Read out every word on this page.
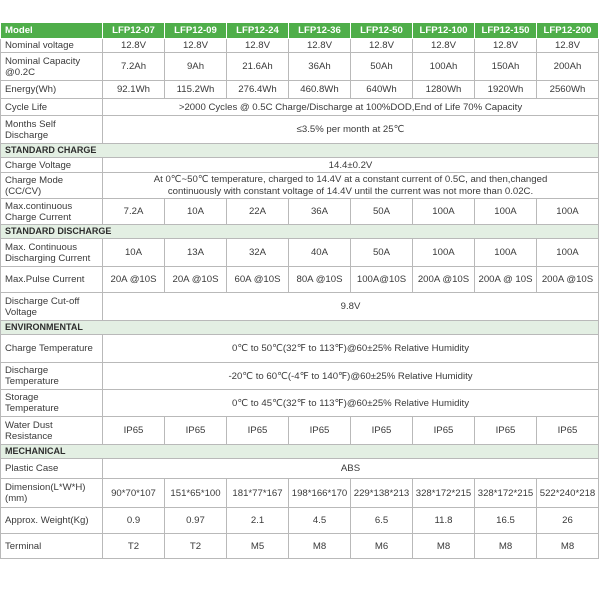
Model	LFP12-07	LFP12-09	LFP12-24	LFP12-36	LFP12-50	LFP12-100	LFP12-150	LFP12-200
Nominal voltage	12.8V	12.8V	12.8V	12.8V	12.8V	12.8V	12.8V	12.8V
Nominal Capacity
@0.2C	7.2Ah	9Ah	21.6Ah	36Ah	50Ah	100Ah	150Ah	200Ah
Energy(Wh)	92.1Wh	115.2Wh	276.4Wh	460.8Wh	640Wh	1280Wh	1920Wh	2560Wh
Cycle Life	>2000 Cycles @ 0.5C Charge/Discharge at 100%DOD,End of Life 70% Capacity							
Months Self
Discharge	≤3.5% per month at 25℃							
STANDARD CHARGE								
Charge Voltage	14.4±0.2V							
Charge Mode
(CC/CV)	At 0℃~50℃ temperature, charged to 14.4V at a constant current of 0.5C, and then,changed
continuously with constant voltage of 14.4V until the current was not more than 0.02C.							
Max.continuous
Charge Current	7.2A	10A	22A	36A	50A	100A	100A	100A
STANDARD DISCHARGE								
Max. Continuous
Discharging Current	10A	13A	32A	40A	50A	100A	100A	100A
Max.Pulse Current	20A @10S	20A @10S	60A @10S	80A @10S	100A@10S	200A @10S	200A @ 10S	200A @10S
Discharge Cut-off
Voltage	9.8V							
ENVIRONMENTAL								
Charge Temperature	0℃ to 50℃(32℉ to 113℉)@60±25% Relative Humidity							
Discharge
Temperature	-20℃ to 60℃(-4℉ to 140℉)@60±25% Relative Humidity							
Storage
Temperature	0℃ to 45℃(32℉ to 113℉)@60±25% Relative Humidity							
Water Dust
Resistance	IP65	IP65	IP65	IP65	IP65	IP65	IP65	IP65
MECHANICAL								
Plastic Case	ABS							
Dimension(L*W*H)
(mm)	90*70*107	151*65*100	181*77*167	198*166*170	229*138*213	328*172*215	328*172*215	522*240*218
Approx. Weight(Kg)	0.9	0.97	2.1	4.5	6.5	11.8	16.5	26
Terminal	T2	T2	M5	M8	M6	M8	M8	M8
